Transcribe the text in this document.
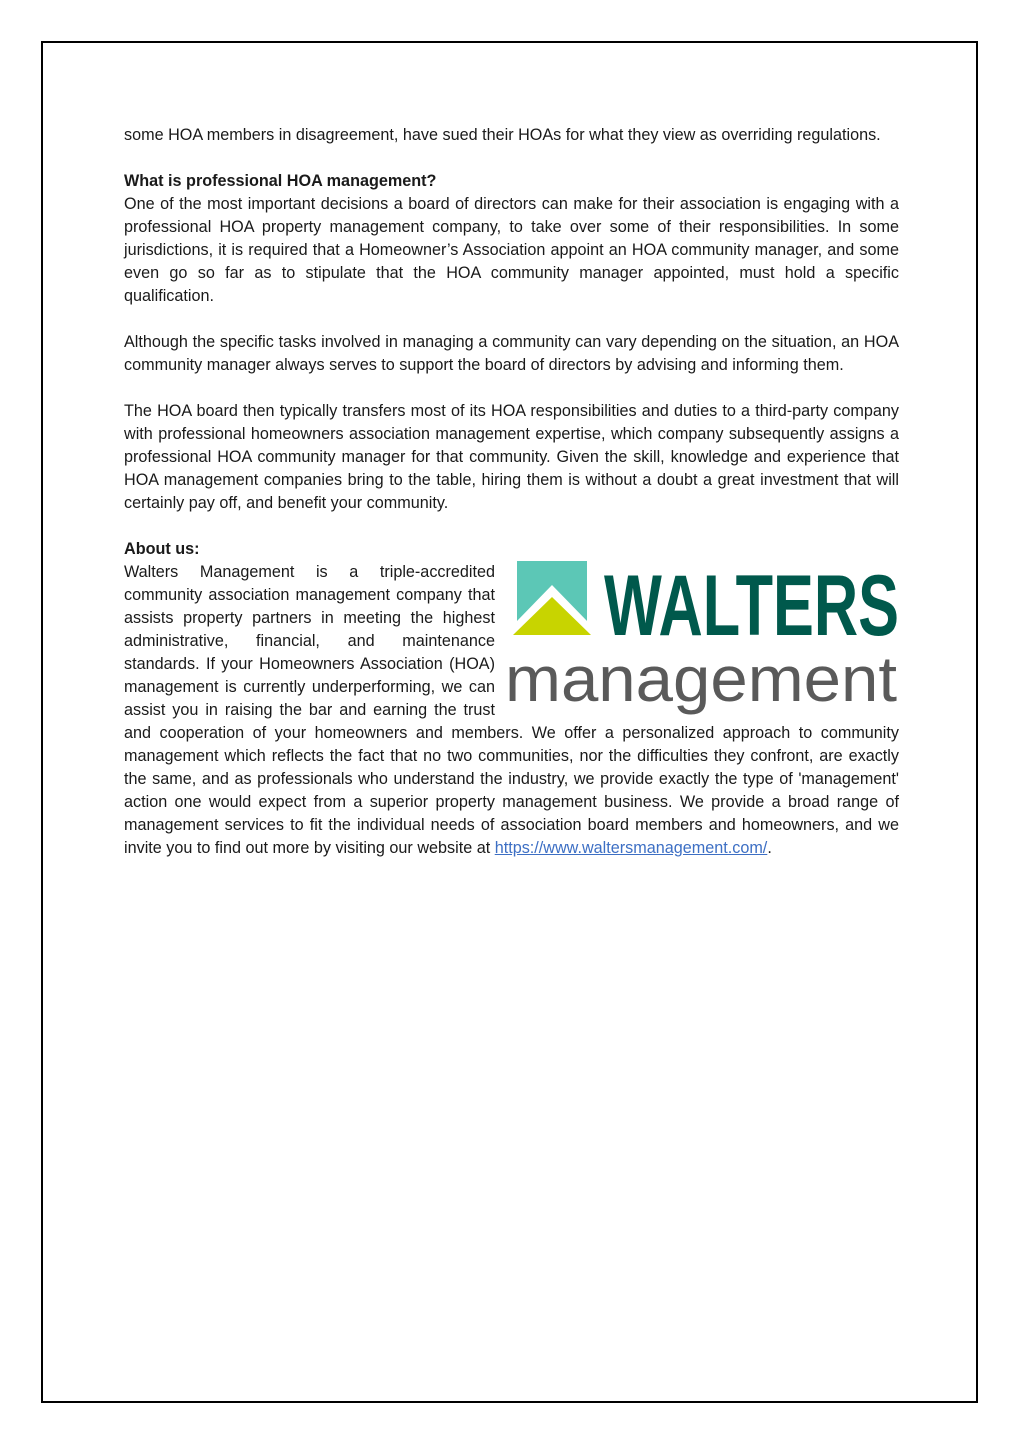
some HOA members in disagreement, have sued their HOAs for what they view as overriding regulations.

What is professional HOA management?

One of the most important decisions a board of directors can make for their association is engaging with a professional HOA property management company, to take over some of their responsibilities. In some jurisdictions, it is required that a Homeowner’s Association appoint an HOA community manager, and some even go so far as to stipulate that the HOA community manager appointed, must hold a specific qualification.

Although the specific tasks involved in managing a community can vary depending on the situation, an HOA community manager always serves to support the board of directors by advising and informing them.

The HOA board then typically transfers most of its HOA responsibilities and duties to a third-party company with professional homeowners association management expertise, which company subsequently assigns a professional HOA community manager for that community. Given the skill, knowledge and experience that HOA management companies bring to the table, hiring them is without a doubt a great investment that will certainly pay off, and benefit your community.

About us:

WALTERS
management

Walters Management is a triple-accredited community association management company that assists property partners in meeting the highest administrative, financial, and maintenance standards. If your Homeowners Association (HOA) management is currently underperforming, we can assist you in raising the bar and earning the trust and cooperation of your homeowners and members. We offer a personalized approach to community management which reflects the fact that no two communities, nor the difficulties they confront, are exactly the same, and as professionals who understand the industry, we provide exactly the type of 'management' action one would expect from a superior property management business. We provide a broad range of management services to fit the individual needs of association board members and homeowners, and we invite you to find out more by visiting our website at https://www.waltersmanagement.com/.
